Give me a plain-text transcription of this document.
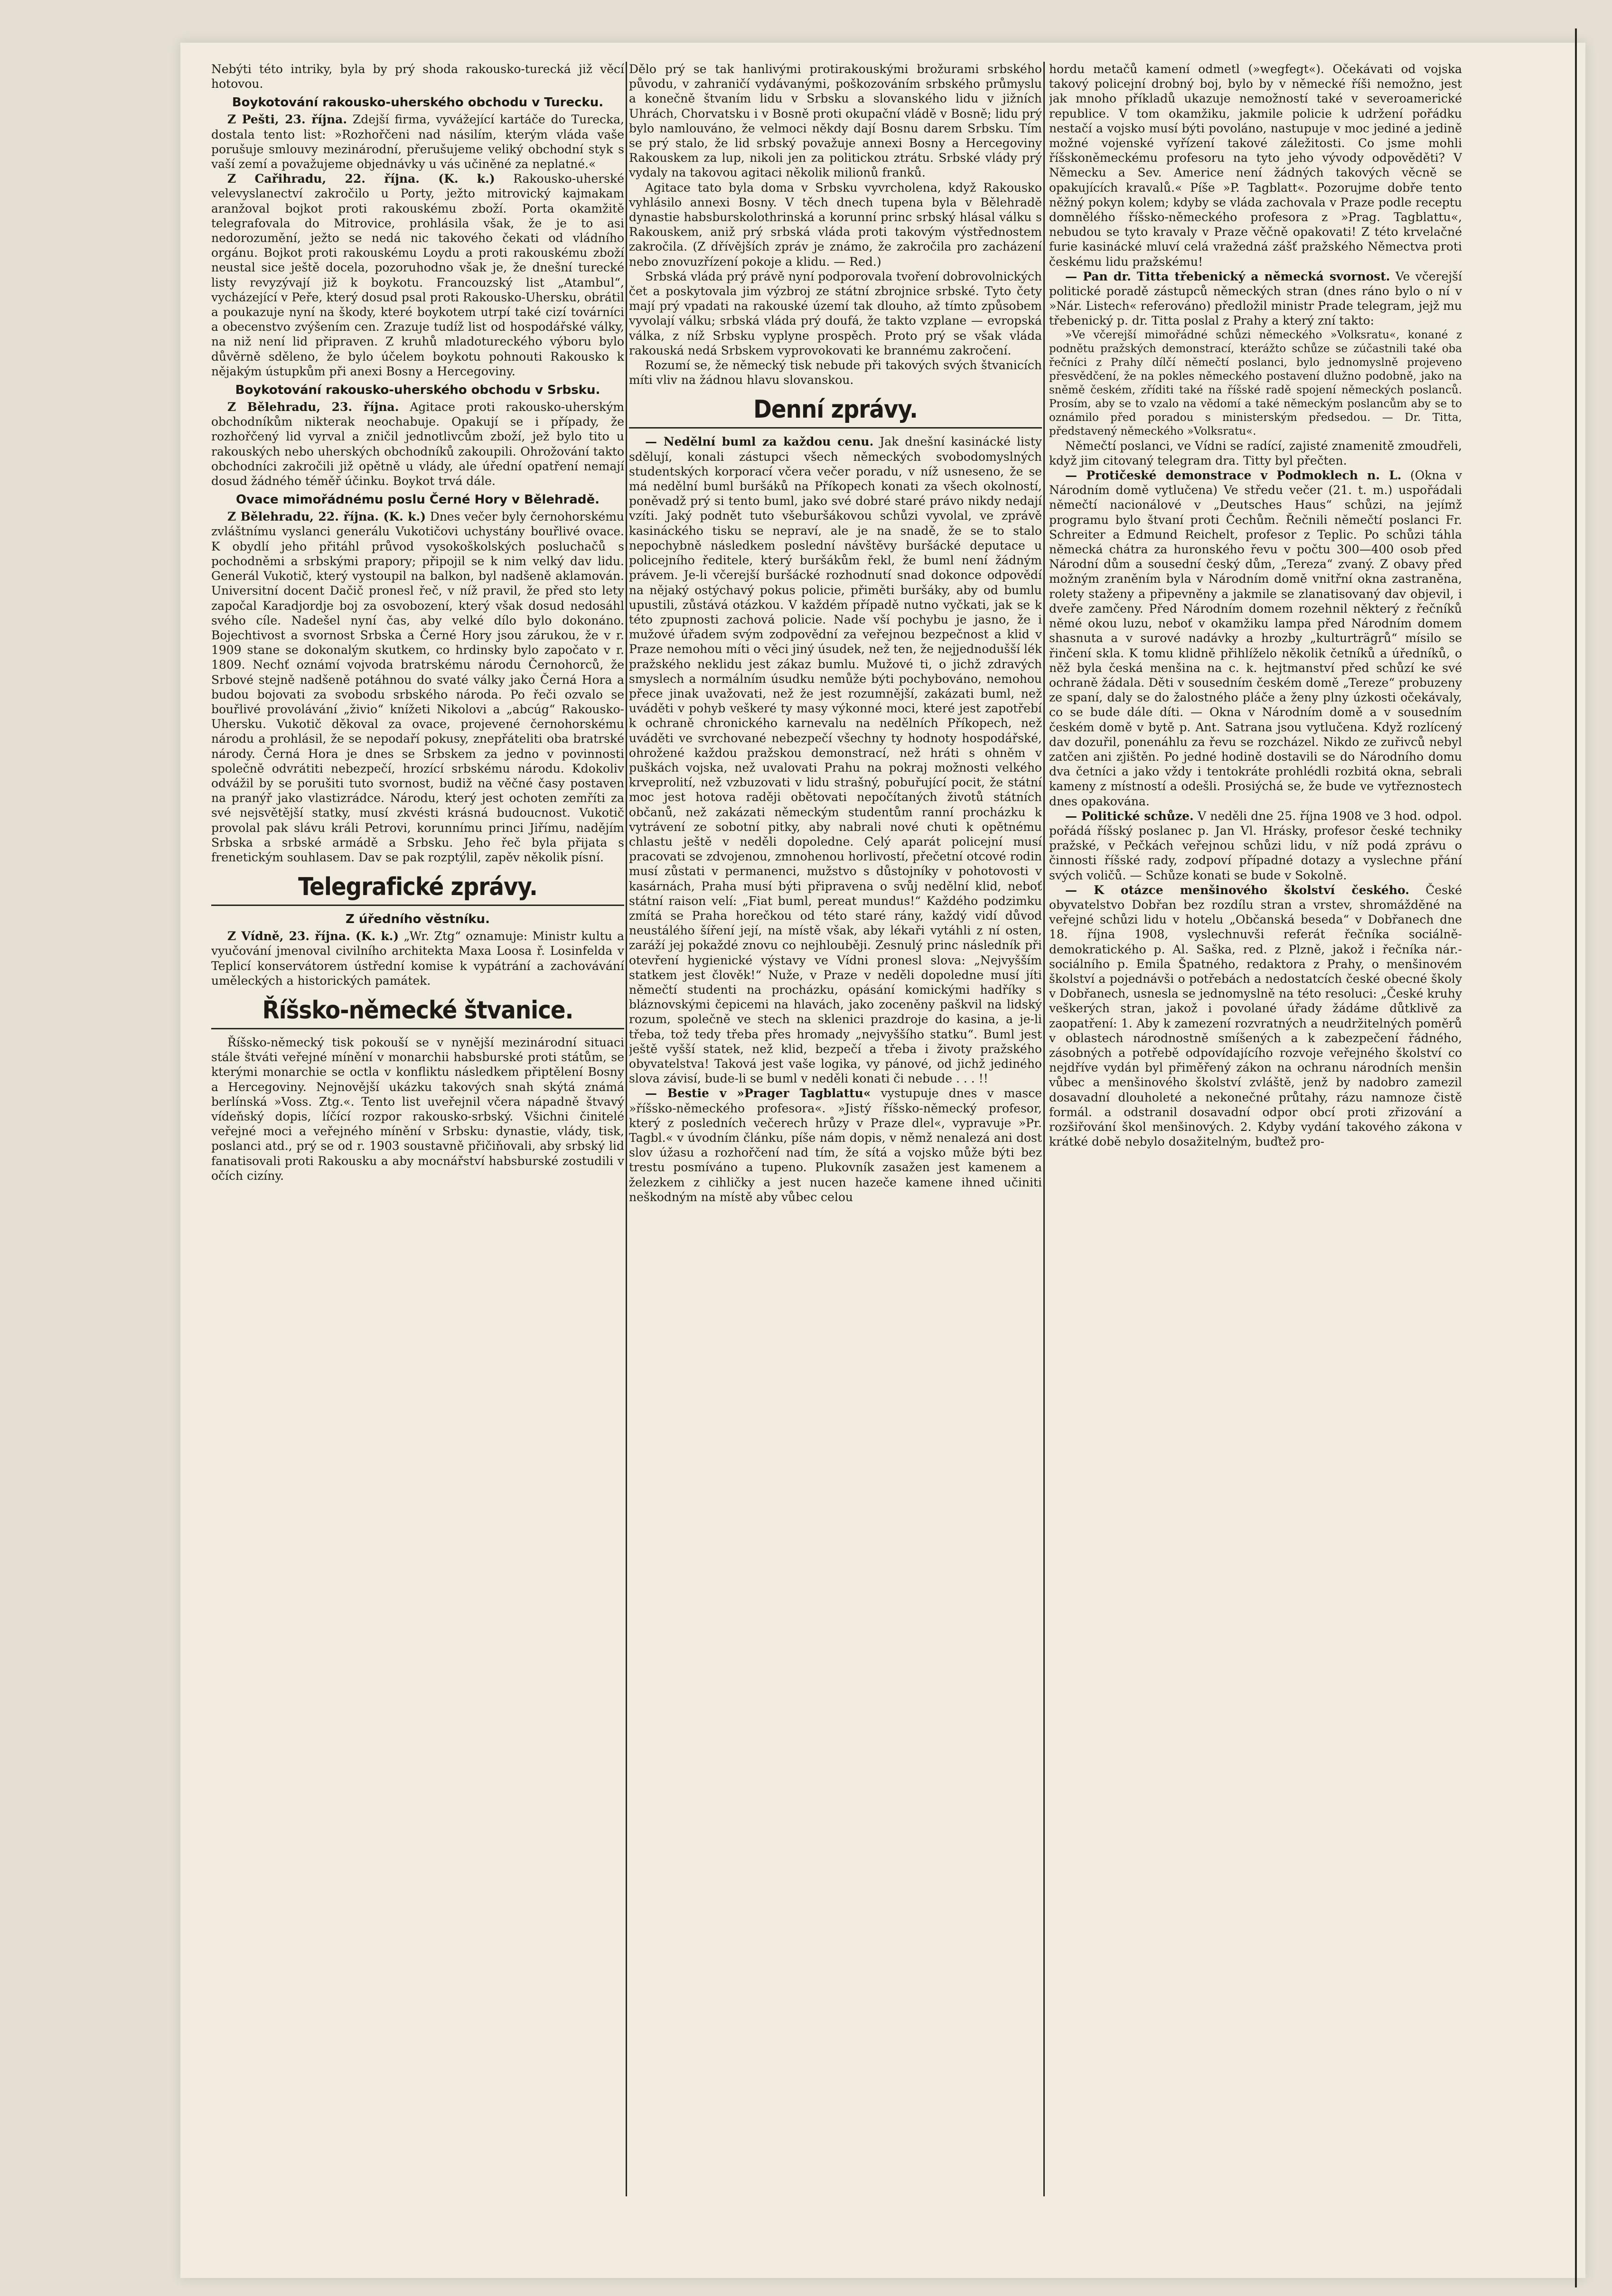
Nebýti této intriky, byla by prý shoda rakousko-turecká již věcí hotovou.

Boykotování rakousko-uherského obchodu v Turecku.

Z Pešti, 23. října. Zdejší firma, vyvážející kartáče do Turecka, dostala tento list: »Rozhořčeni nad násilím, kterým vláda vaše porušuje smlouvy mezinárodní, přerušujeme veliký obchodní styk s vaší zemí a považujeme objednávky u vás učiněné za neplatné.«

Z Cařihradu, 22. října. (K. k.) Rakousko-uherské velevyslanectví zakročilo u Porty, ježto mitrovický kajmakam aranžoval bojkot proti rakouskému zboží. Porta okamžitě telegrafovala do Mitrovice, prohlásila však, že je to asi nedorozumění, ježto se nedá nic takového čekati od vládního orgánu. Bojkot proti rakouskému Loydu a proti rakouskému zboží neustal sice ještě docela, pozoruhodno však je, že dnešní turecké listy revyzývají již k boykotu. Francouzský list „Atambul“, vycházející v Peře, který dosud psal proti Rakousko-Uhersku, obrátil a poukazuje nyní na škody, které boykotem utrpí také cizí továrníci a obecenstvo zvýšením cen. Zrazuje tudíž list od hospodářské války, na niž není lid připraven. Z kruhů mladotureckého výboru bylo důvěrně sděleno, že bylo účelem boykotu pohnouti Rakousko k nějakým ústupkům při anexi Bosny a Hercegoviny.

Boykotování rakousko-uherského obchodu v Srbsku.

Z Bělehradu, 23. října. Agitace proti rakousko-uherským obchodníkům nikterak neochabuje. Opakují se i případy, že rozhořčený lid vyrval a zničil jednotlivcům zboží, jež bylo tito u rakouských nebo uherských obchodníků zakoupili. Ohrožování takto obchodníci zakročili již opětně u vlády, ale úřední opatření nemají dosud žádného téměř účinku. Boykot trvá dále.

Ovace mimořádnému poslu Černé Hory v Bělehradě.

Z Bělehradu, 22. října. (K. k.) Dnes večer byly černohorskému zvláštnímu vyslanci generálu Vukotičovi uchystány bouřlivé ovace. K obydlí jeho přitáhl průvod vysokoškolských posluchačů s pochodněmi a srbskými prapory; připojil se k nim velký dav lidu. Generál Vukotič, který vystoupil na balkon, byl nadšeně aklamován. Universitní docent Dačič pronesl řeč, v níž pravil, že před sto lety započal Karadjordje boj za osvobození, který však dosud nedosáhl svého cíle. Nadešel nyní čas, aby velké dílo bylo dokonáno. Bojechtivost a svornost Srbska a Černé Hory jsou zárukou, že v r. 1909 stane se dokonalým skutkem, co hrdinsky bylo započato v r. 1809. Nechť oznámí vojvoda bratrskému národu Černohorců, že Srbové stejně nadšeně potáhnou do svaté války jako Černá Hora a budou bojovati za svobodu srbského národa. Po řeči ozvalo se bouřlivé provolávání „živio“ knížeti Nikolovi a „abcúg“ Rakousko-Uhersku. Vukotič děkoval za ovace, projevené černohorskému národu a prohlásil, že se nepodaří pokusy, znepřáteliti oba bratrské národy. Černá Hora je dnes se Srbskem za jedno v povinnosti společně odvrátiti nebezpečí, hrozící srbskému národu. Kdokoliv odvážil by se porušiti tuto svornost, budiž na věčné časy postaven na pranýř jako vlastizrádce. Národu, který jest ochoten zemříti za své nejsvětější statky, musí zkvésti krásná budoucnost. Vukotič provolal pak slávu králi Petrovi, korunnímu princi Jiřímu, nadějím Srbska a srbské armádě a Srbsku. Jeho řeč byla přijata s frenetickým souhlasem. Dav se pak rozptýlil, zapěv několik písní.

Telegrafické zprávy.
Z úředního věstníku.

Z Vídně, 23. října. (K. k.) „Wr. Ztg“ oznamuje: Ministr kultu a vyučování jmenoval civilního architekta Maxa Loosa ř. Losinfelda v Teplicí konservátorem ústřední komise k vypátrání a zachovávání uměleckých a historických památek.

Říšsko-německé štvanice.

Říšsko-německý tisk pokouší se v nynější mezinárodní situaci stále štváti veřejné mínění v monarchii habsburské proti státům, se kterými monarchie se octla v konfliktu následkem připtělení Bosny a Hercegoviny. Nejnovější ukázku takových snah skýtá známá berlínská »Voss. Ztg.«. Tento list uveřejnil včera nápadně štvavý vídeňský dopis, líčící rozpor rakousko-srbský. Všichni činitelé veřejné moci a veřejného mínění v Srbsku: dynastie, vlády, tisk, poslanci atd., prý se od r. 1903 soustavně přičiňovali, aby srbský lid fanatisovali proti Rakousku a aby mocnářství habsburské zostudili v očích cizíny.

Dělo prý se tak hanlivými protirakouskými brožurami srbského původu, v zahraničí vydávanými, poškozováním srbského průmyslu a konečně štvaním lidu v Srbsku a slovanského lidu v jižních Uhrách, Chorvatsku i v Bosně proti okupační vládě v Bosně; lidu prý bylo namlouváno, že velmoci někdy dají Bosnu darem Srbsku. Tím se prý stalo, že lid srbský považuje annexi Bosny a Hercegoviny Rakouskem za lup, nikoli jen za politickou ztrátu. Srbské vlády prý vydaly na takovou agitaci několik milionů franků.

Agitace tato byla doma v Srbsku vyvrcholena, když Rakousko vyhlásilo annexi Bosny. V těch dnech tupena byla v Bělehradě dynastie habsburskolothrinská a korunní princ srbský hlásal válku s Rakouskem, aniž prý srbská vláda proti takovým výstřednostem zakročila. (Z dřívějších zpráv je známo, že zakročila pro zacházení nebo znovuzřízení pokoje a klidu. — Red.)

Srbská vláda prý právě nyní podporovala tvoření dobrovolnických čet a poskytovala jim výzbroj ze státní zbrojnice srbské. Tyto čety mají prý vpadati na rakouské území tak dlouho, až tímto způsobem vyvolají válku; srbská vláda prý doufá, že takto vzplane — evropská válka, z níž Srbsku vyplyne prospěch. Proto prý se však vláda rakouská nedá Srbskem vyprovokovati ke brannému zakročení.

Rozumí se, že německý tisk nebude při takových svých štvanicích míti vliv na žádnou hlavu slovanskou.

Denní zprávy.

— Nedělní buml za každou cenu. Jak dnešní kasinácké listy sdělují, konali zástupci všech německých svobodomyslných studentských korporací včera večer poradu, v níž usneseno, že se má nedělní buml buršáků na Příkopech konati za všech okolností, poněvadž prý si tento buml, jako své dobré staré právo nikdy nedají vzíti. Jaký podnět tuto všeburšákovou schůzi vyvolal, ve zprávě kasináckého tisku se nepraví, ale je na snadě, že se to stalo nepochybně následkem poslední návštěvy buršácké deputace u policejního ředitele, který buršákům řekl, že buml není žádným právem. Je-li včerejší buršácké rozhodnutí snad dokonce odpovědí na nějaký ostýchavý pokus policie, přiměti buršáky, aby od bumlu upustili, zůstává otázkou. V každém případě nutno vyčkati, jak se k této zpupnosti zachová policie. Nade vší pochybu je jasno, že i mužové úřadem svým zodpovědní za veřejnou bezpečnost a klid v Praze nemohou míti o věci jiný úsudek, než ten, že nejjednodušší lék pražského neklidu jest zákaz bumlu. Mužové ti, o jichž zdravých smyslech a normálním úsudku nemůže býti pochybováno, nemohou přece jinak uvažovati, než že jest rozumnější, zakázati buml, než uváděti v pohyb veškeré ty masy výkonné moci, které jest zapotřebí k ochraně chronického karnevalu na nedělních Příkopech, než uváděti ve svrchované nebezpečí všechny ty hodnoty hospodářské, ohrožené každou pražskou demonstrací, než hráti s ohněm v puškách vojska, než uvalovati Prahu na pokraj možnosti velkého krveprolití, než vzbuzovati v lidu strašný, pobuřující pocit, že státní moc jest hotova raději obětovati nepočítaných životů státních občanů, než zakázati německým studentům ranní procházku k vytrávení ze sobotní pitky, aby nabrali nové chuti k opětnému chlastu ještě v neděli dopoledne. Celý aparát policejní musí pracovati se zdvojenou, zmnohenou horlivostí, přečetní otcové rodin musí zůstati v permanenci, mužstvo s důstojníky v pohotovosti v kasárnách, Praha musí býti připravena o svůj nedělní klid, neboť státní raison velí: „Fiat buml, pereat mundus!“ Každého podzimku zmítá se Praha horečkou od této staré rány, každý vidí důvod neustálého šíření její, na místě však, aby lékaři vytáhli z ní osten, zaráží jej pokaždé znovu co nejhlouběji. Zesnulý princ následník při otevření hygienické výstavy ve Vídni pronesl slova: „Nejvyšším statkem jest člověk!“ Nuže, v Praze v neděli dopoledne musí jíti němečtí studenti na procházku, opásání komickými hadříky s bláznovskými čepicemi na hlavách, jako zoceněny paškvil na lidský rozum, společně ve stech na sklenici prazdroje do kasina, a je-li třeba, tož tedy třeba přes hromady „nejvyššího statku“. Buml jest ještě vyšší statek, než klid, bezpečí a třeba i životy pražského obyvatelstva! Taková jest vaše logika, vy pánové, od jichž jediného slova závisí, bude-li se buml v neděli konati či nebude . . . !!

— Bestie v »Prager Tagblattu« vystupuje dnes v masce »říšsko-německého profesora«. »Jistý říšsko-německý profesor, který z posledních večerech hrůzy v Praze dlel«, vypravuje »Pr. Tagbl.« v úvodním článku, píše nám dopis, v němž nenalezá ani dost slov úžasu a rozhořčení nad tím, že sítá a vojsko může býti bez trestu posmíváno a tupeno. Plukovník zasažen jest kamenem a železkem z cihličky a jest nucen hazeče kamene ihned učiniti neškodným na místě aby vůbec celou

hordu metačů kamení odmetl (»wegfegt«). Očekávati od vojska takový policejní drobný boj, bylo by v německé říši nemožno, jest jak mnoho příkladů ukazuje nemožností také v severoamerické republice. V tom okamžiku, jakmile policie k udržení pořádku nestačí a vojsko musí býti povoláno, nastupuje v moc jediné a jedině možné vojenské vyřízení takové záležitosti. Co jsme mohli říšskoněmeckému profesoru na tyto jeho vývody odpověděti? V Německu a Sev. Americe není žádných takových věcně se opakujících kravalů.« Píše »P. Tagblatt«. Pozorujme dobře tento něžný pokyn kolem; kdyby se vláda zachovala v Praze podle receptu domnělého říšsko-německého profesora z »Prag. Tagblattu«, nebudou se tyto kravaly v Praze věčně opakovati! Z této krvelačné furie kasinácké mluví celá vražedná zášť pražského Němectva proti českému lidu pražskému!

— Pan dr. Titta třebenický a německá svornost. Ve včerejší politické poradě zástupců německých stran (dnes ráno bylo o ní v »Nár. Listech« referováno) předložil ministr Prade telegram, jejž mu třebenický p. dr. Titta poslal z Prahy a který zní takto:

»Ve včerejší mimořádné schůzi německého »Volksratu«, konané z podnětu pražských demonstrací, kterážto schůze se zúčastnili také oba řečníci z Prahy dílčí němečtí poslanci, bylo jednomyslně projeveno přesvědčení, že na pokles německého postavení dlužno podobně, jako na sněmě českém, zříditi také na říšské radě spojení německých poslanců. Prosím, aby se to vzalo na vědomí a také německým poslancům aby se to oznámilo před poradou s ministerským předsedou. — Dr. Titta, představený německého »Volksratu«.

Němečtí poslanci, ve Vídni se radící, zajisté znamenitě zmoudřeli, když jim citovaný telegram dra. Titty byl přečten.

— Protičeské demonstrace v Podmoklech n. L. (Okna v Národním domě vytlučena) Ve středu večer (21. t. m.) uspořádali němečtí nacionálové v „Deutsches Haus“ schůzi, na jejímž programu bylo štvaní proti Čechům. Řečnili němečtí poslanci Fr. Schreiter a Edmund Reichelt, profesor z Teplic. Po schůzi táhla německá chátra za huronského řevu v počtu 300—400 osob před Národní dům a sousední český dům, „Tereza“ zvaný. Z obavy před možným zraněním byla v Národním domě vnitřní okna zastraněna, rolety staženy a připevněny a jakmile se zlanatisovaný dav objevil, i dveře zamčeny. Před Národním domem rozehnil některý z řečníků němé okou luzu, neboť v okamžiku lampa před Národním domem shasnuta a v surové nadávky a hrozby „kulturträgrů“ mísilo se řinčení skla. K tomu klidně přihlíželo několik četníků a úředníků, o něž byla česká menšina na c. k. hejtmanství před schůzí ke své ochraně žádala. Děti v sousedním českém domě „Tereze“ probuzeny ze spaní, daly se do žalostného pláče a ženy plny úzkosti očekávaly, co se bude dále díti. — Okna v Národním domě a v sousedním českém domě v bytě p. Ant. Satrana jsou vytlučena. Když rozlícený dav dozuřil, ponenáhlu za řevu se rozcházel. Nikdo ze zuřivců nebyl zatčen ani zjištěn. Po jedné hodině dostavili se do Národního domu dva četníci a jako vždy i tentokráte prohlédli rozbitá okna, sebrali kameny z místností a odešli. Prosiýchá se, že bude ve vytřeznostech dnes opakována.

— Politické schůze. V neděli dne 25. října 1908 ve 3 hod. odpol. pořádá říšský poslanec p. Jan Vl. Hrásky, profesor české techniky pražské, v Pečkách veřejnou schůzi lidu, v níž podá zprávu o činnosti říšské rady, zodpoví případné dotazy a vyslechne přání svých voličů. — Schůze konati se bude v Sokolně.

— K otázce menšinového školství českého. České obyvatelstvo Dobřan bez rozdílu stran a vrstev, shromážděné na veřejné schůzi lidu v hotelu „Občanská beseda“ v Dobřanech dne 18. října 1908, vyslechnuvši referát řečníka sociálně-demokratického p. Al. Saška, red. z Plzně, jakož i řečníka nár.-sociálního p. Emila Špatného, redaktora z Prahy, o menšinovém školství a pojednávši o potřebách a nedostatcích české obecné školy v Dobřanech, usnesla se jednomyslně na této resoluci: „České kruhy veškerých stran, jakož i povolané úřady žádáme důtklivě za zaopatření: 1. Aby k zamezení rozvratných a neudržitelných poměrů v oblastech národnostně smíšených a k zabezpečení řádného, zásobných a potřebě odpovídajícího rozvoje veřejného školství co nejdříve vydán byl přiměřený zákon na ochranu národních menšin vůbec a menšinového školství zvláště, jenž by nadobro zamezil dosavadní dlouholeté a nekonečné průtahy, rázu namnoze čistě formál. a odstranil dosavadní odpor obcí proti zřizování a rozšiřování škol menšinových. 2. Kdyby vydání takového zákona v krátké době nebylo dosažitelným, buďtež pro-
